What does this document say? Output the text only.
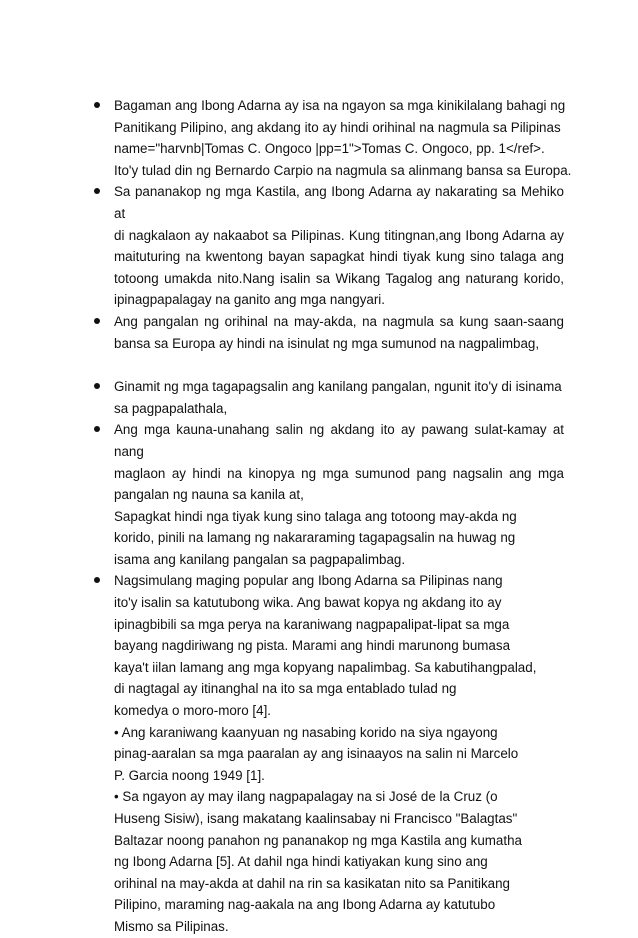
Bagaman ang Ibong Adarna ay isa na ngayon sa mga kinikilalang bahagi ng
Panitikang Pilipino, ang akdang ito ay hindi orihinal na nagmula sa Pilipinas
name="harvnb|Tomas C. Ongoco |pp=1">Tomas C. Ongoco, pp. 1</ref>.
Ito'y tulad din ng Bernardo Carpio na nagmula sa alinmang bansa sa Europa.
Sa pananakop ng mga Kastila, ang Ibong Adarna ay nakarating sa Mehiko at
di nagkalaon ay nakaabot sa Pilipinas. Kung titingnan,ang Ibong Adarna ay
maituturing na kwentong bayan sapagkat hindi tiyak kung sino talaga ang
totoong umakda nito.Nang isalin sa Wikang Tagalog ang naturang korido,
ipinagpapalagay na ganito ang mga nangyari.
Ang pangalan ng orihinal na may-akda, na nagmula sa kung saan-saang
bansa sa Europa ay hindi na isinulat ng mga sumunod na nagpalimbag,
Ginamit ng mga tagapagsalin ang kanilang pangalan, ngunit ito'y di isinama
sa pagpapalathala,
Ang mga kauna-unahang salin ng akdang ito ay pawang sulat-kamay at nang
maglaon ay hindi na kinopya ng mga sumunod pang nagsalin ang mga
pangalan ng nauna sa kanila at,
Sapagkat hindi nga tiyak kung sino talaga ang totoong may-akda ng
korido, pinili na lamang ng nakararaming tagapagsalin na huwag ng
isama ang kanilang pangalan sa pagpapalimbag.
Nagsimulang maging popular ang Ibong Adarna sa Pilipinas nang
ito'y isalin sa katutubong wika. Ang bawat kopya ng akdang ito ay
ipinagbibili sa mga perya na karaniwang nagpapalipat-lipat sa mga
bayang nagdiriwang ng pista. Marami ang hindi marunong bumasa
kaya't iilan lamang ang mga kopyang napalimbag. Sa kabutihangpalad,
di nagtagal ay itinanghal na ito sa mga entablado tulad ng
komedya o moro-moro [4].
• Ang karaniwang kaanyuan ng nasabing korido na siya ngayong
pinag-aaralan sa mga paaralan ay ang isinaayos na salin ni Marcelo
P. Garcia noong 1949 [1].
• Sa ngayon ay may ilang nagpapalagay na si José de la Cruz (o
Huseng Sisiw), isang makatang kaalinsabay ni Francisco "Balagtas"
Baltazar noong panahon ng pananakop ng mga Kastila ang kumatha
ng Ibong Adarna [5]. At dahil nga hindi katiyakan kung sino ang
orihinal na may-akda at dahil na rin sa kasikatan nito sa Panitikang
Pilipino, maraming nag-aakala na ang Ibong Adarna ay katutubo
Mismo sa Pilipinas.
